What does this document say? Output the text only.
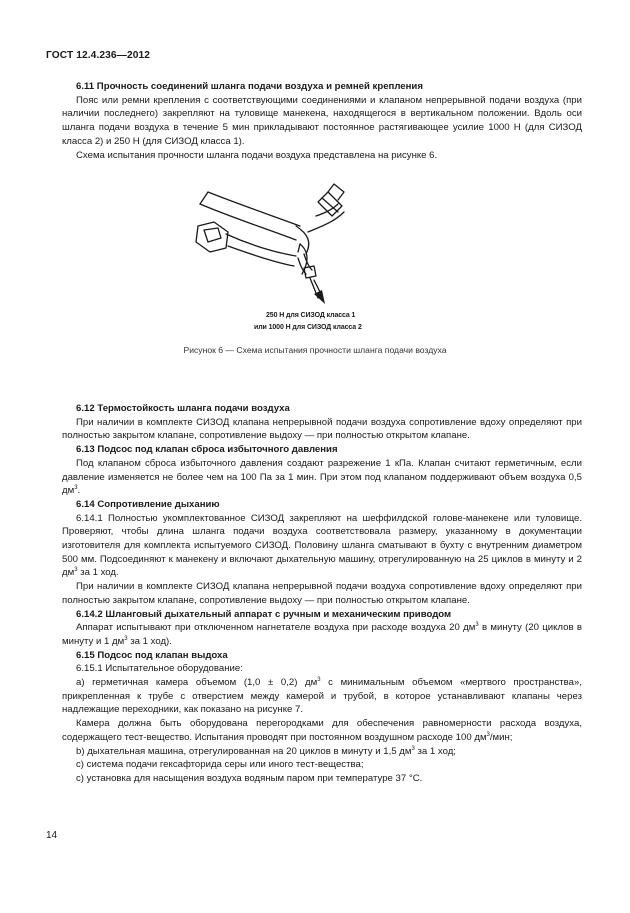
ГОСТ 12.4.236—2012

6.11 Прочность соединений шланга подачи воздуха и ремней крепления

Пояс или ремни крепления с соответствующими соединениями и клапаном непрерывной подачи воздуха (при наличии последнего) закрепляют на туловище манекена, находящегося в вертикальном положении. Вдоль оси шланга подачи воздуха в течение 5 мин прикладывают постоянное растягивающее усилие 1000 Н (для СИЗОД класса 2) и 250 Н (для СИЗОД класса 1).

Схема испытания прочности шланга подачи воздуха представлена на рисунке 6.

250 Н для СИЗОД класса 1
или 1000 Н для СИЗОД класса 2
Рисунок 6 — Схема испытания прочности шланга подачи воздуха

6.12 Термостойкость шланга подачи воздуха

При наличии в комплекте СИЗОД клапана непрерывной подачи воздуха сопротивление вдоху определяют при полностью закрытом клапане, сопротивление выдоху — при полностью открытом клапане.

6.13 Подсос под клапан сброса избыточного давления

Под клапаном сброса избыточного давления создают разрежение 1 кПа. Клапан считают герметичным, если давление изменяется не более чем на 100 Па за 1 мин. При этом под клапаном поддерживают объем воздуха 0,5 $дм^3$.

6.14 Сопротивление дыханию

6.14.1 Полностью укомплектованное СИЗОД закрепляют на шеффилдской голове-манекене или туловище. Проверяют, чтобы длина шланга подачи воздуха соответствовала размеру, указанному в документации изготовителя для комплекта испытуемого СИЗОД. Половину шланга сматывают в бухту с внутренним диаметром 500 мм. Подсоединяют к манекену и включают дыхательную машину, отрегулированную на 25 циклов в минуту и 2 $дм^3$ за 1 ход.

При наличии в комплекте СИЗОД клапана непрерывной подачи воздуха сопротивление вдоху определяют при полностью закрытом клапане, сопротивление выдоху — при полностью открытом клапане.

6.14.2 Шланговый дыхательный аппарат с ручным и механическим приводом

Аппарат испытывают при отключенном нагнетателе воздуха при расходе воздуха 20 $дм^3$ в минуту (20 циклов в минуту и 1 $дм^3$ за 1 ход).

6.15 Подсос под клапан выдоха

6.15.1 Испытательное оборудование:

а) герметичная камера объемом (1,0 ± 0,2) $дм^3$ с минимальным объемом «мертвого пространства», прикрепленная к трубе с отверстием между камерой и трубой, в которое устанавливают клапаны через надлежащие переходники, как показано на рисунке 7.

Камера должна быть оборудована перегородками для обеспечения равномерности расхода воздуха, содержащего тест-вещество. Испытания проводят при постоянном воздушном расходе 100 $дм^3$/мин;

b) дыхательная машина, отрегулированная на 20 циклов в минуту и 1,5 $дм^3$ за 1 ход;

с) система подачи гексафторида серы или иного тест-вещества;

с) установка для насыщения воздуха водяным паром при температуре 37 °С.

14
